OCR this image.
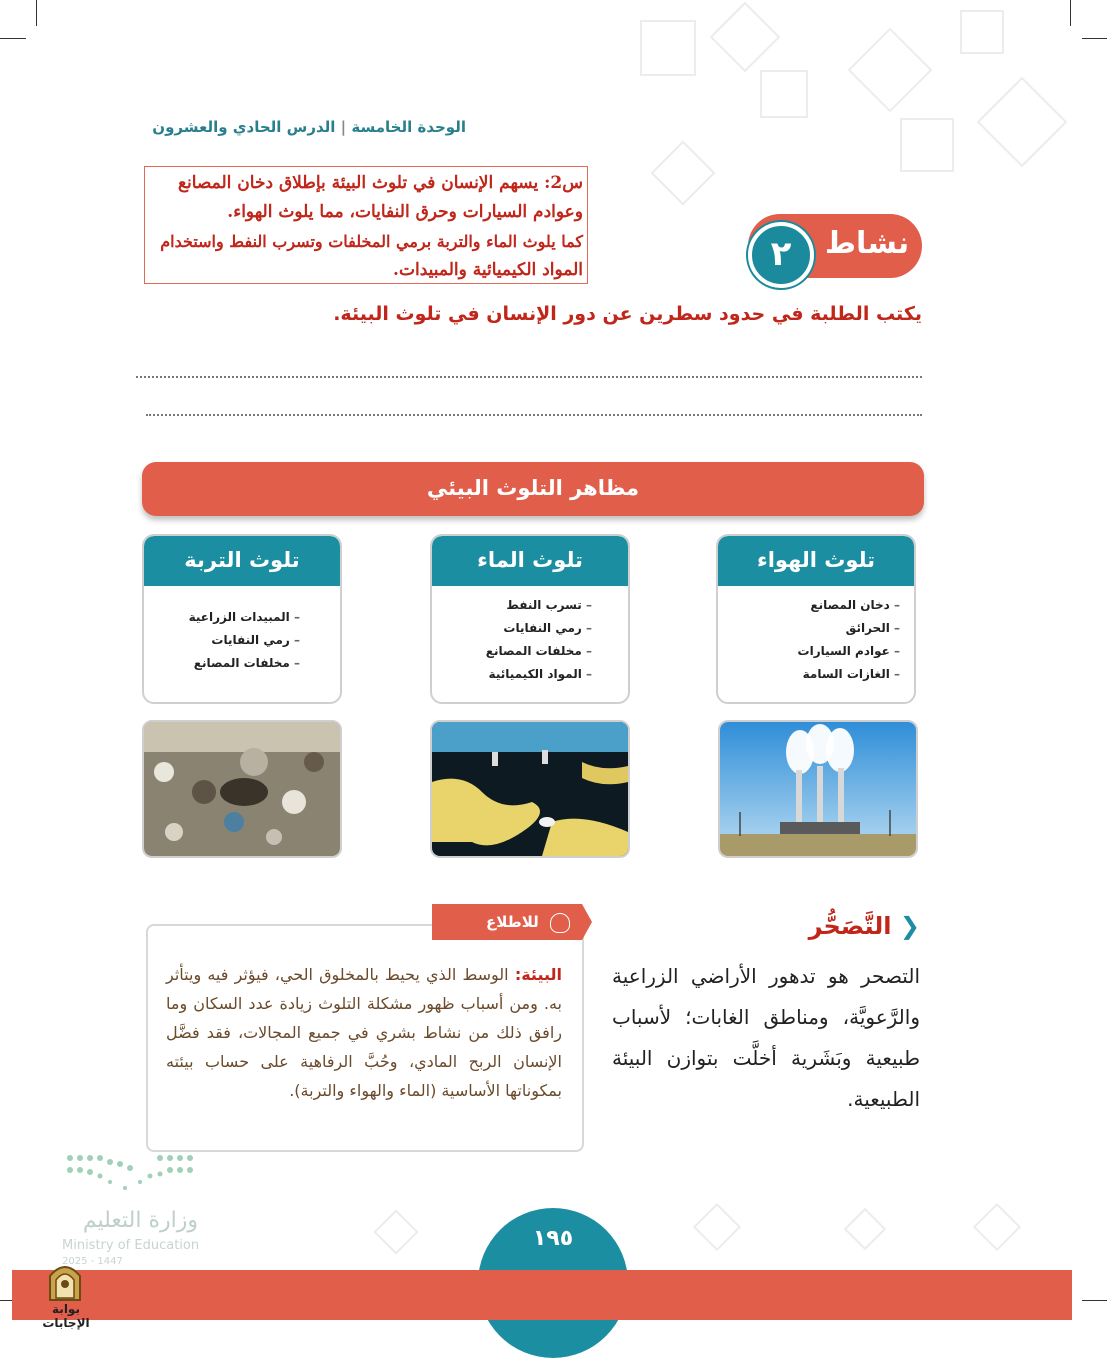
الوحدة الخامسة | الدرس الحادي والعشرون
س2: يسهم الإنسان في تلوث البيئة بإطلاق دخان المصانع
وعوادم السيارات وحرق النفايات، مما يلوث الهواء.
كما يلوث الماء والتربة برمي المخلفات وتسرب النفط واستخدام
المواد الكيميائية والمبيدات.
نشاط
٢
يكتب الطلبة في حدود سطرين عن دور الإنسان في تلوث البيئة.
مظاهر التلوث البيئي
تلوث الهواء
– دخان المصانع
– الحرائق
– عوادم السيارات
– الغازات السامة
تلوث الماء
– تسرب النفط
– رمي النفايات
– مخلفات المصانع
– المواد الكيميائية
تلوث التربة
– المبيدات الزراعية
– رمي النفايات
– مخلفات المصانع
❮ التَّصَحُّر
التصحر هو تدهور الأراضي الزراعية والرَّعويَّة، ومناطق الغابات؛ لأسباب طبيعية وبَشَرية أخلَّت بتوازن البيئة الطبيعية.
للاطلاع
البيئة: الوسط الذي يحيط بالمخلوق الحي، فيؤثر فيه ويتأثر به. ومن أسباب ظهور مشكلة التلوث زيادة عدد السكان وما رافق ذلك من نشاط بشري في جميع المجالات، فقد فضَّل الإنسان الربح المادي، وحُبَّ الرفاهية على حساب بيئته بمكوناتها الأساسية (الماء والهواء والتربة).
وزارة التعليم
Ministry of Education
2025 - 1447
١٩٥
بوابة الإجابات
